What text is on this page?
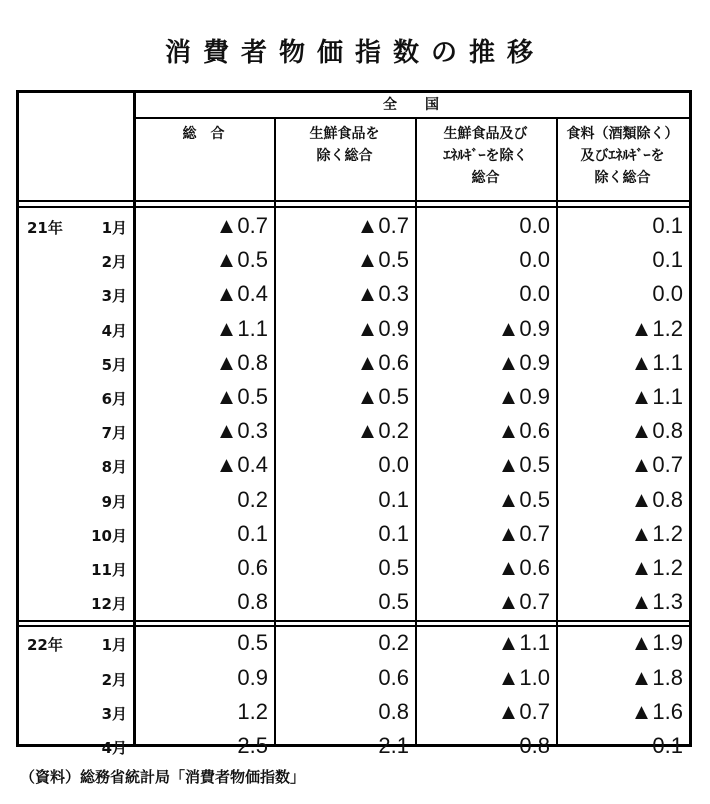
消費者物価指数の推移
全　　国
総　合	生鮮食品を
除く総合
生鮮食品及び
ｴﾈﾙｷﾞｰを除く
総合
食料（酒類除く）
及びｴﾈﾙｷﾞｰを
除く総合
21年	1月	▲0.7	▲0.7	0.0	0.1
2月	▲0.5	▲0.5	0.0	0.1
3月	▲0.4	▲0.3	0.0	0.0
4月	▲1.1	▲0.9	▲0.9	▲1.2
5月	▲0.8	▲0.6	▲0.9	▲1.1
6月	▲0.5	▲0.5	▲0.9	▲1.1
7月	▲0.3	▲0.2	▲0.6	▲0.8
8月	▲0.4	0.0	▲0.5	▲0.7
9月	0.2	0.1	▲0.5	▲0.8
10月	0.1	0.1	▲0.7	▲1.2
11月	0.6	0.5	▲0.6	▲1.2
12月	0.8	0.5	▲0.7	▲1.3
22年	1月	0.5	0.2	▲1.1	▲1.9
2月	0.9	0.6	▲1.0	▲1.8
3月	1.2	0.8	▲0.7	▲1.6
4月	2.5	2.1	0.8	0.1
（資料）総務省統計局「消費者物価指数」
